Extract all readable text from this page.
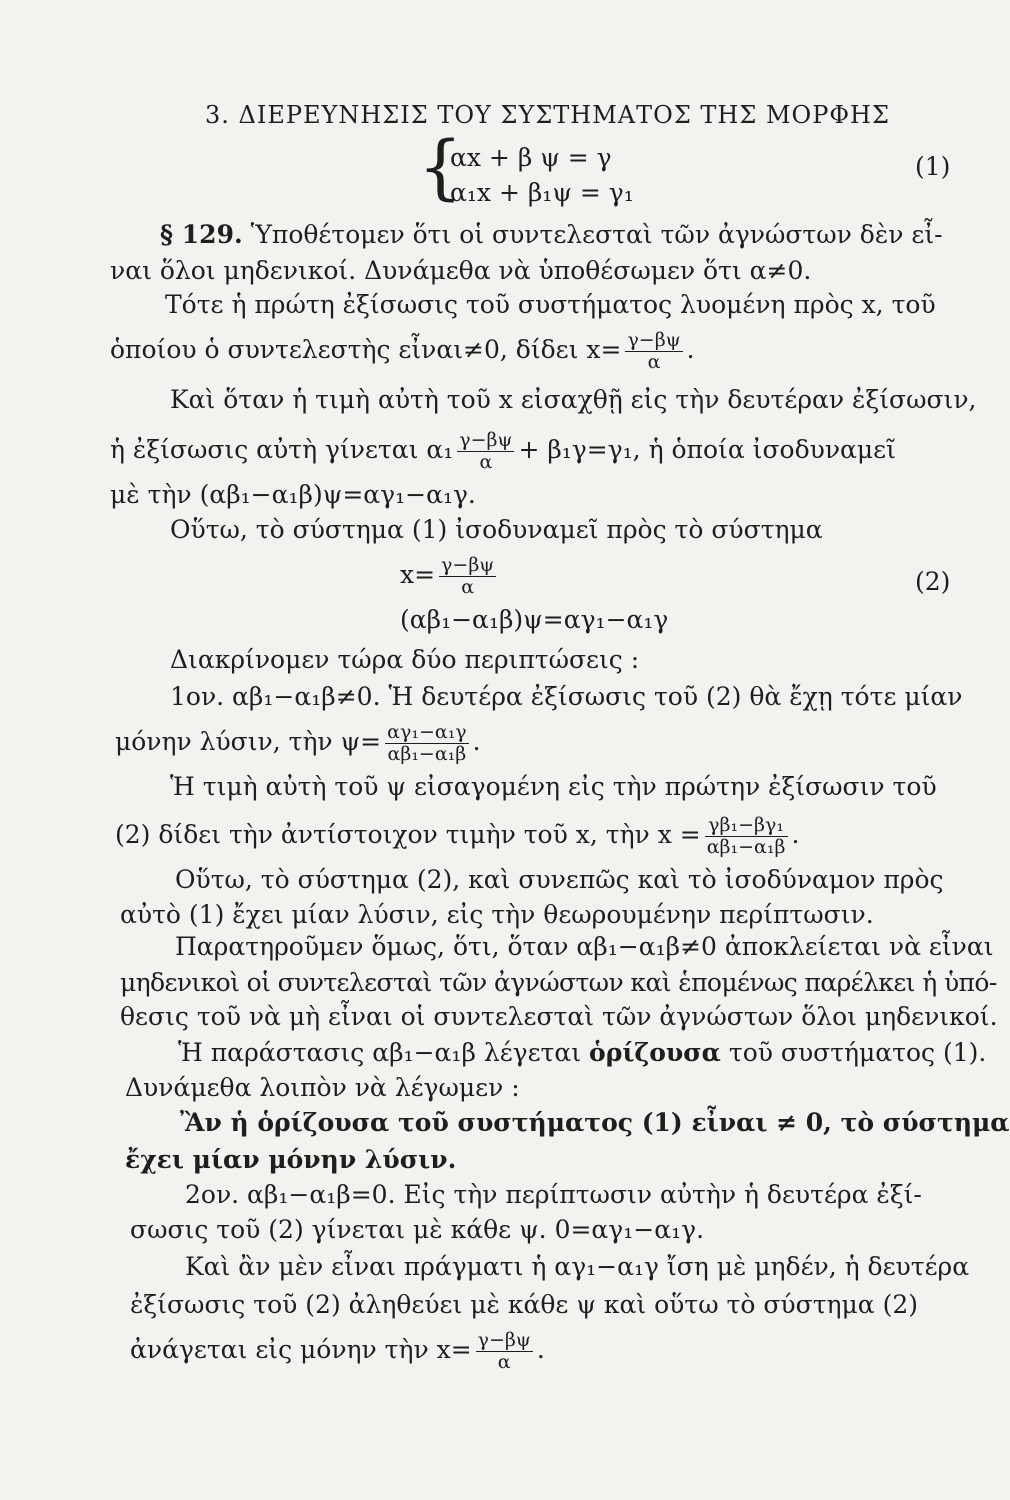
3. ΔΙΕΡΕΥΝΗΣΙΣ ΤΟΥ ΣΥΣΤΗΜΑΤΟΣ ΤΗΣ ΜΟΡΦΗΣ
{
αx + β ψ = γ
α₁x + β₁ψ = γ₁
(1)
§ 129. Ὑποθέτομεν ὅτι οἱ συντελεσταὶ τῶν ἀγνώστων δὲν εἶ-
ναι ὅλοι μηδενικοί. Δυνάμεθα νὰ ὑποθέσωμεν ὅτι α≠0.
Τότε ἡ πρώτη ἐξίσωσις τοῦ συστήματος λυομένη πρὸς x, τοῦ
ὁποίου ὁ συντελεστὴς εἶναι≠0, δίδει $x= \frac{\gamma-\beta\psi}{\alpha}$ .
Καὶ ὅταν ἡ τιμὴ αὐτὴ τοῦ x εἰσαχθῇ εἰς τὴν δευτέραν ἐξίσωσιν,
ἡ ἐξίσωσις αὐτὴ γίνεται $\alpha_1 \frac{\gamma-\beta\psi}{\alpha} + \beta_1\gamma=\gamma_1$, ἡ ὁποία ἰσοδυναμεῖ
μὲ τὴν (αβ₁−α₁β)ψ=αγ₁−α₁γ.
Οὕτω, τὸ σύστημα (1) ἰσοδυναμεῖ πρὸς τὸ σύστημα
$x= \frac{\gamma-\beta\psi}{\alpha}$	(2)
(αβ₁−α₁β)ψ=αγ₁−α₁γ
Διακρίνομεν τώρα δύο περιπτώσεις :
1ον. αβ₁−α₁β≠0. Ἡ δευτέρα ἐξίσωσις τοῦ (2) θὰ ἔχῃ τότε μίαν
μόνην λύσιν, τὴν $\psi= \frac{\text{αγ₁−α₁γ}}{\text{αβ₁−α₁β}}$ .
Ἡ τιμὴ αὐτὴ τοῦ ψ εἰσαγομένη εἰς τὴν πρώτην ἐξίσωσιν τοῦ
(2) δίδει τὴν ἀντίστοιχον τιμὴν τοῦ x, τὴν $x = \frac{\text{γβ₁−βγ₁}}{\text{αβ₁−α₁β}}$ .
Οὕτω, τὸ σύστημα (2), καὶ συνεπῶς καὶ τὸ ἰσοδύναμον πρὸς
αὐτὸ (1) ἔχει μίαν λύσιν, εἰς τὴν θεωρουμένην περίπτωσιν.
Παρατηροῦμεν ὅμως, ὅτι, ὅταν αβ₁−α₁β≠0 ἀποκλείεται νὰ εἶναι
μηδενικοὶ οἱ συντελεσταὶ τῶν ἀγνώστων καὶ ἑπομένως παρέλκει ἡ ὑπό-
θεσις τοῦ νὰ μὴ εἶναι οἱ συντελεσταὶ τῶν ἀγνώστων ὅλοι μηδενικοί.
Ἡ παράστασις αβ₁−α₁β λέγεται ὁρίζουσα τοῦ συστήματος (1).
Δυνάμεθα λοιπὸν νὰ λέγωμεν :
Ἂν ἡ ὁρίζουσα τοῦ συστήματος (1) εἶναι ≠ 0, τὸ σύστημα
ἔχει μίαν μόνην λύσιν.
2ον. αβ₁−α₁β=0. Εἰς τὴν περίπτωσιν αὐτὴν ἡ δευτέρα ἐξί-
σωσις τοῦ (2) γίνεται μὲ κάθε ψ. 0=αγ₁−α₁γ.
Καὶ ἂν μὲν εἶναι πράγματι ἡ αγ₁−α₁γ ἴση μὲ μηδέν, ἡ δευτέρα
ἐξίσωσις τοῦ (2) ἀληθεύει μὲ κάθε ψ καὶ οὕτω τὸ σύστημα (2)
ἀνάγεται εἰς μόνην τὴν $x= \frac{\gamma-\beta\psi}{\alpha}$ .
